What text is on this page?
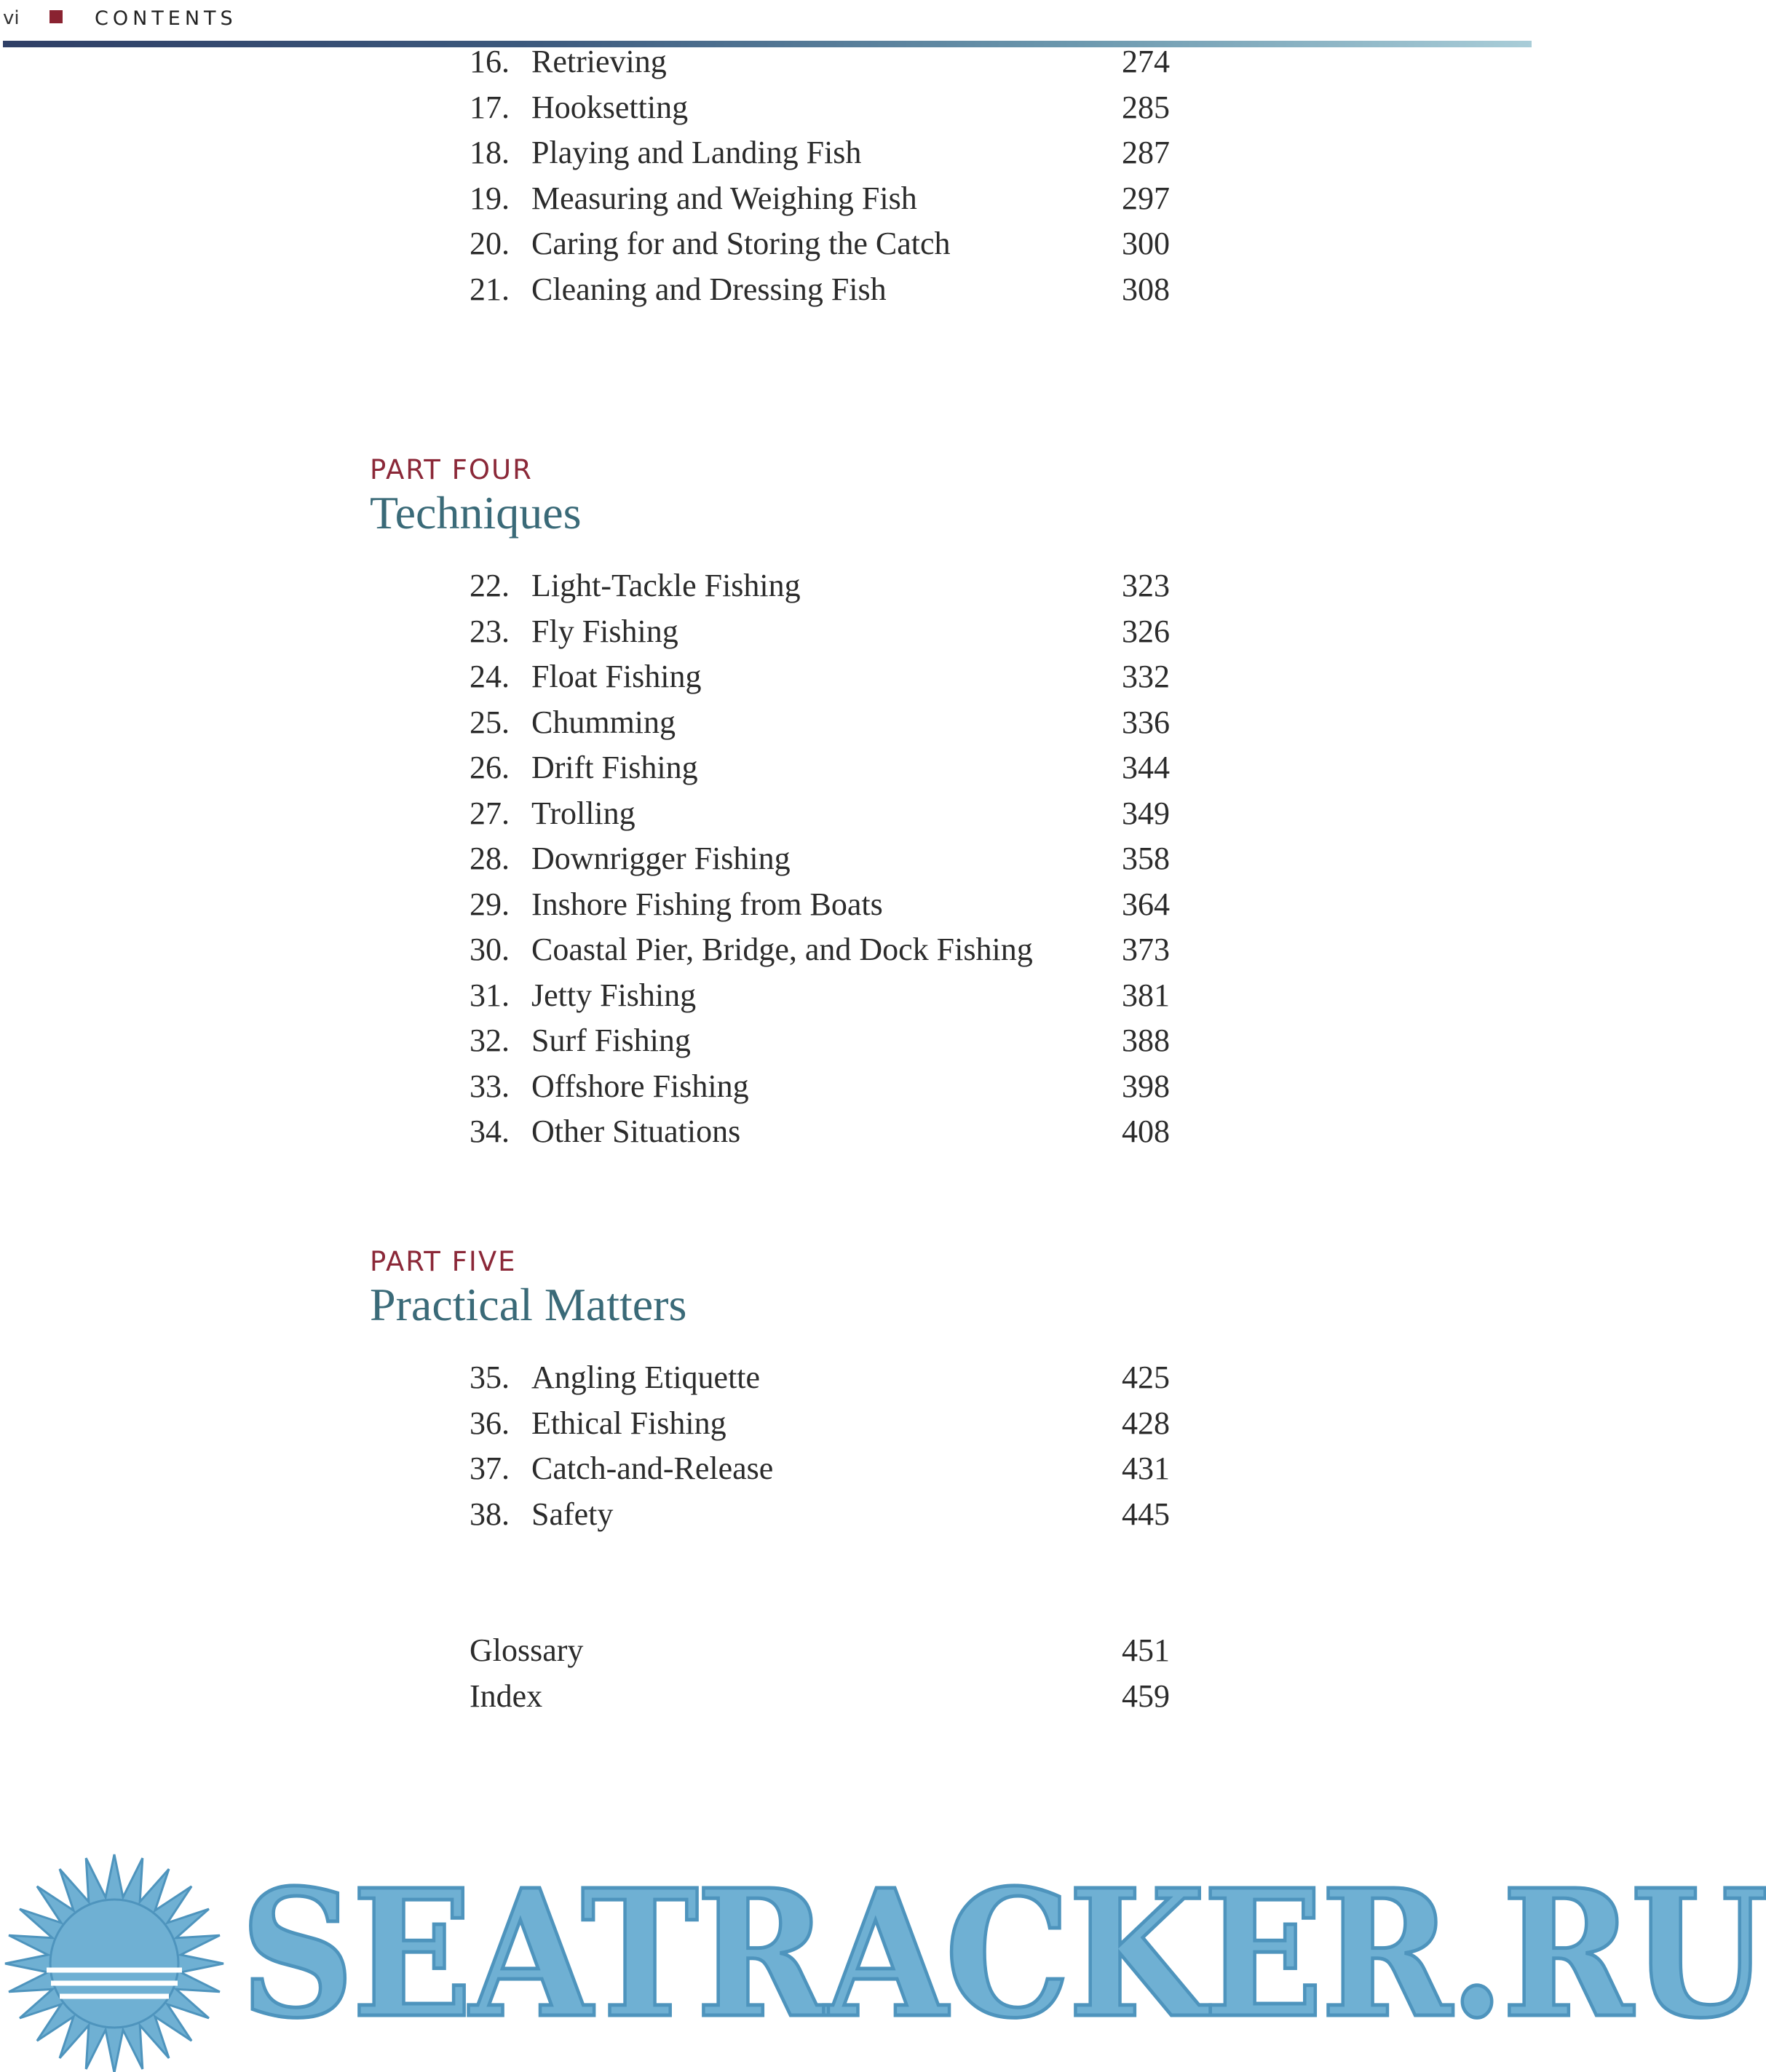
vi	CONTENTS
16. Retrieving	274
17. Hooksetting	285
18. Playing and Landing Fish	287
19. Measuring and Weighing Fish	297
20. Caring for and Storing the Catch	300
21. Cleaning and Dressing Fish	308
PART FOUR
Techniques
22. Light-Tackle Fishing	323
23. Fly Fishing	326
24. Float Fishing	332
25. Chumming	336
26. Drift Fishing	344
27. Trolling	349
28. Downrigger Fishing	358
29. Inshore Fishing from Boats	364
30. Coastal Pier, Bridge, and Dock Fishing	373
31. Jetty Fishing	381
32. Surf Fishing	388
33. Offshore Fishing	398
34. Other Situations	408
PART FIVE
Practical Matters
35. Angling Etiquette	425
36. Ethical Fishing	428
37. Catch-and-Release	431
38. Safety	445
Glossary	451
Index	459
SEATRACKER.RU
